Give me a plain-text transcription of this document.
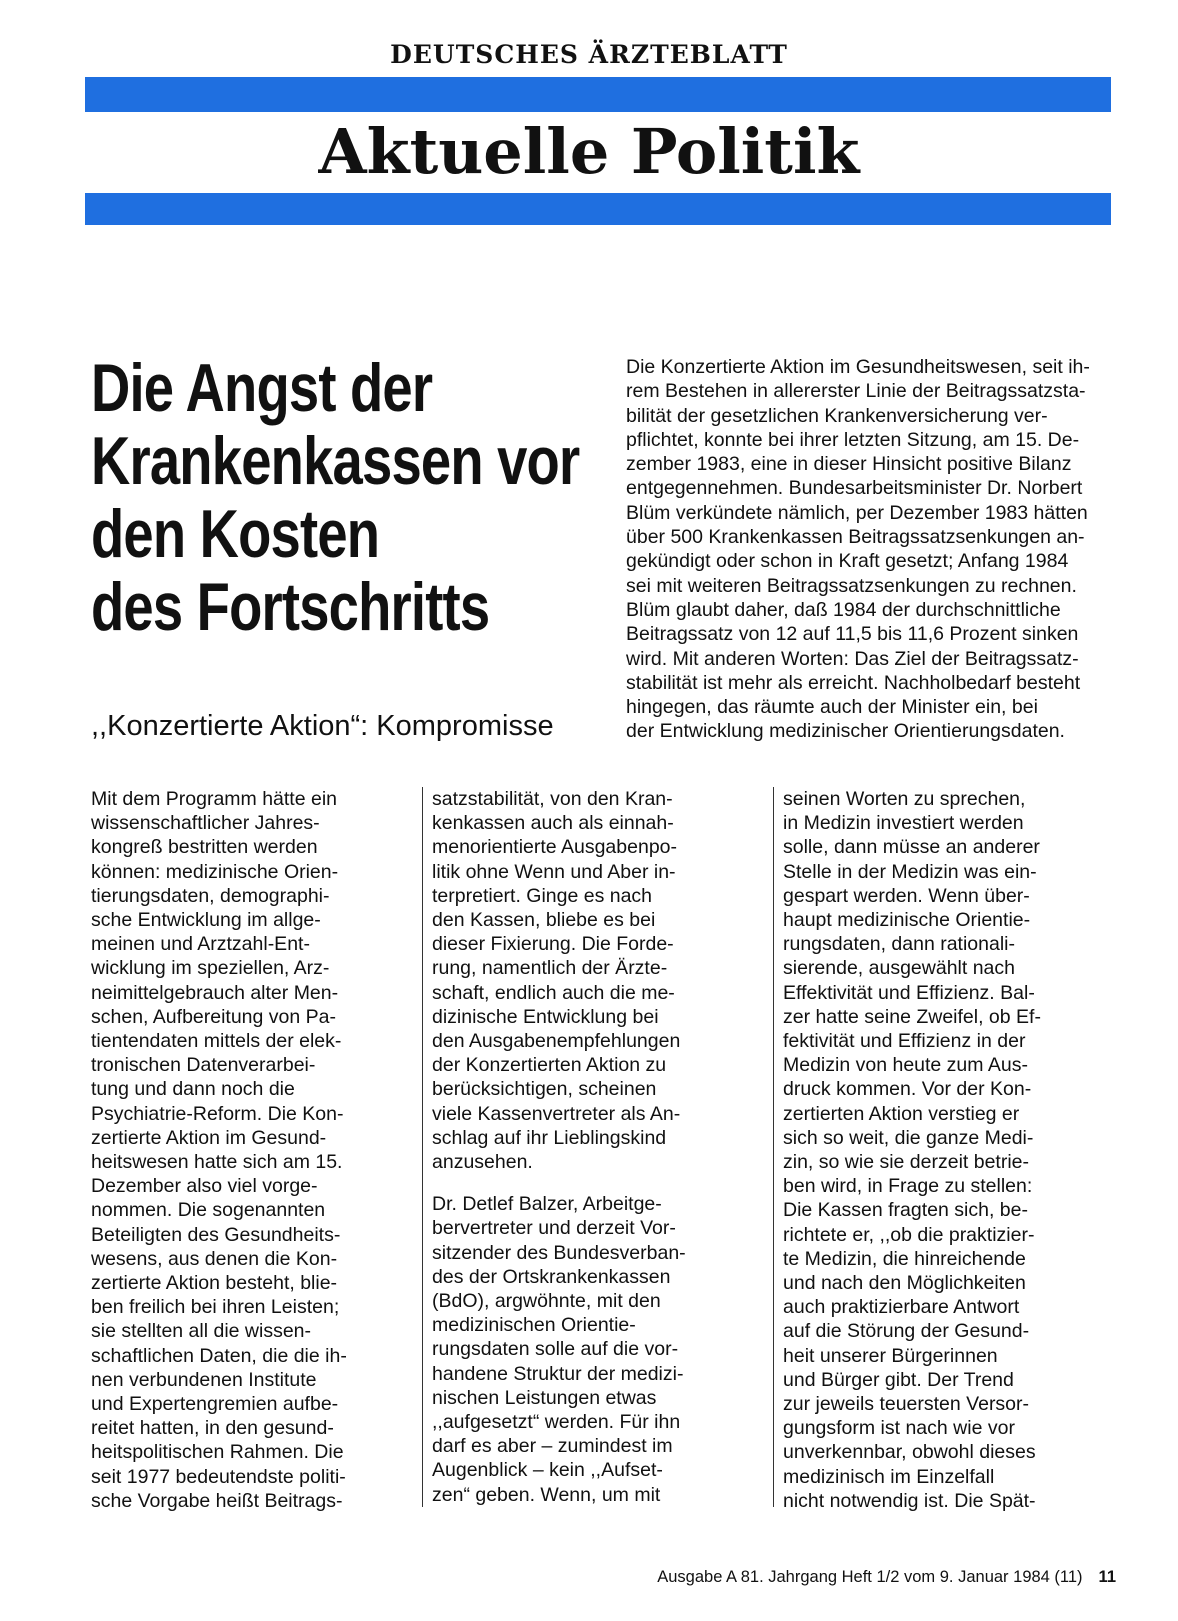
DEUTSCHES ÄRZTEBLATT
Aktuelle Politik
Die Angst der
Krankenkassen vor
den Kosten
des Fortschritts
,,Konzertierte Aktion“: Kompromisse
Die Konzertierte Aktion im Gesundheitswesen, seit ih-
rem Bestehen in allererster Linie der Beitragssatzsta-
bilität der gesetzlichen Krankenversicherung ver-
pflichtet, konnte bei ihrer letzten Sitzung, am 15. De-
zember 1983, eine in dieser Hinsicht positive Bilanz
entgegennehmen. Bundesarbeitsminister Dr. Norbert
Blüm verkündete nämlich, per Dezember 1983 hätten
über 500 Krankenkassen Beitragssatzsenkungen an-
gekündigt oder schon in Kraft gesetzt; Anfang 1984
sei mit weiteren Beitragssatzsenkungen zu rechnen.
Blüm glaubt daher, daß 1984 der durchschnittliche
Beitragssatz von 12 auf 11,5 bis 11,6 Prozent sinken
wird. Mit anderen Worten: Das Ziel der Beitragssatz-
stabilität ist mehr als erreicht. Nachholbedarf besteht
hingegen, das räumte auch der Minister ein, bei
der Entwicklung medizinischer Orientierungsdaten.
Mit dem Programm hätte ein
wissenschaftlicher Jahres-
kongreß bestritten werden
können: medizinische Orien-
tierungsdaten, demographi-
sche Entwicklung im allge-
meinen und Arztzahl-Ent-
wicklung im speziellen, Arz-
neimittelgebrauch alter Men-
schen, Aufbereitung von Pa-
tientendaten mittels der elek-
tronischen Datenverarbei-
tung und dann noch die
Psychiatrie-Reform. Die Kon-
zertierte Aktion im Gesund-
heitswesen hatte sich am 15.
Dezember also viel vorge-
nommen. Die sogenannten
Beteiligten des Gesundheits-
wesens, aus denen die Kon-
zertierte Aktion besteht, blie-
ben freilich bei ihren Leisten;
sie stellten all die wissen-
schaftlichen Daten, die die ih-
nen verbundenen Institute
und Expertengremien aufbe-
reitet hatten, in den gesund-
heitspolitischen Rahmen. Die
seit 1977 bedeutendste politi-
sche Vorgabe heißt Beitrags-
satzstabilität, von den Kran-
kenkassen auch als einnah-
menorientierte Ausgabenpo-
litik ohne Wenn und Aber in-
terpretiert. Ginge es nach
den Kassen, bliebe es bei
dieser Fixierung. Die Forde-
rung, namentlich der Ärzte-
schaft, endlich auch die me-
dizinische Entwicklung bei
den Ausgabenempfehlungen
der Konzertierten Aktion zu
berücksichtigen, scheinen
viele Kassenvertreter als An-
schlag auf ihr Lieblingskind
anzusehen.
Dr. Detlef Balzer, Arbeitge-
bervertreter und derzeit Vor-
sitzender des Bundesverban-
des der Ortskrankenkassen
(BdO), argwöhnte, mit den
medizinischen Orientie-
rungsdaten solle auf die vor-
handene Struktur der medizi-
nischen Leistungen etwas
,,aufgesetzt“ werden. Für ihn
darf es aber – zumindest im
Augenblick – kein ,,Aufset-
zen“ geben. Wenn, um mit
seinen Worten zu sprechen,
in Medizin investiert werden
solle, dann müsse an anderer
Stelle in der Medizin was ein-
gespart werden. Wenn über-
haupt medizinische Orientie-
rungsdaten, dann rationali-
sierende, ausgewählt nach
Effektivität und Effizienz. Bal-
zer hatte seine Zweifel, ob Ef-
fektivität und Effizienz in der
Medizin von heute zum Aus-
druck kommen. Vor der Kon-
zertierten Aktion verstieg er
sich so weit, die ganze Medi-
zin, so wie sie derzeit betrie-
ben wird, in Frage zu stellen:
Die Kassen fragten sich, be-
richtete er, ,,ob die praktizier-
te Medizin, die hinreichende
und nach den Möglichkeiten
auch praktizierbare Antwort
auf die Störung der Gesund-
heit unserer Bürgerinnen
und Bürger gibt. Der Trend
zur jeweils teuersten Versor-
gungsform ist nach wie vor
unverkennbar, obwohl dieses
medizinisch im Einzelfall
nicht notwendig ist. Die Spät-
Ausgabe A 81. Jahrgang Heft 1/2 vom 9. Januar 1984 (11) 11
